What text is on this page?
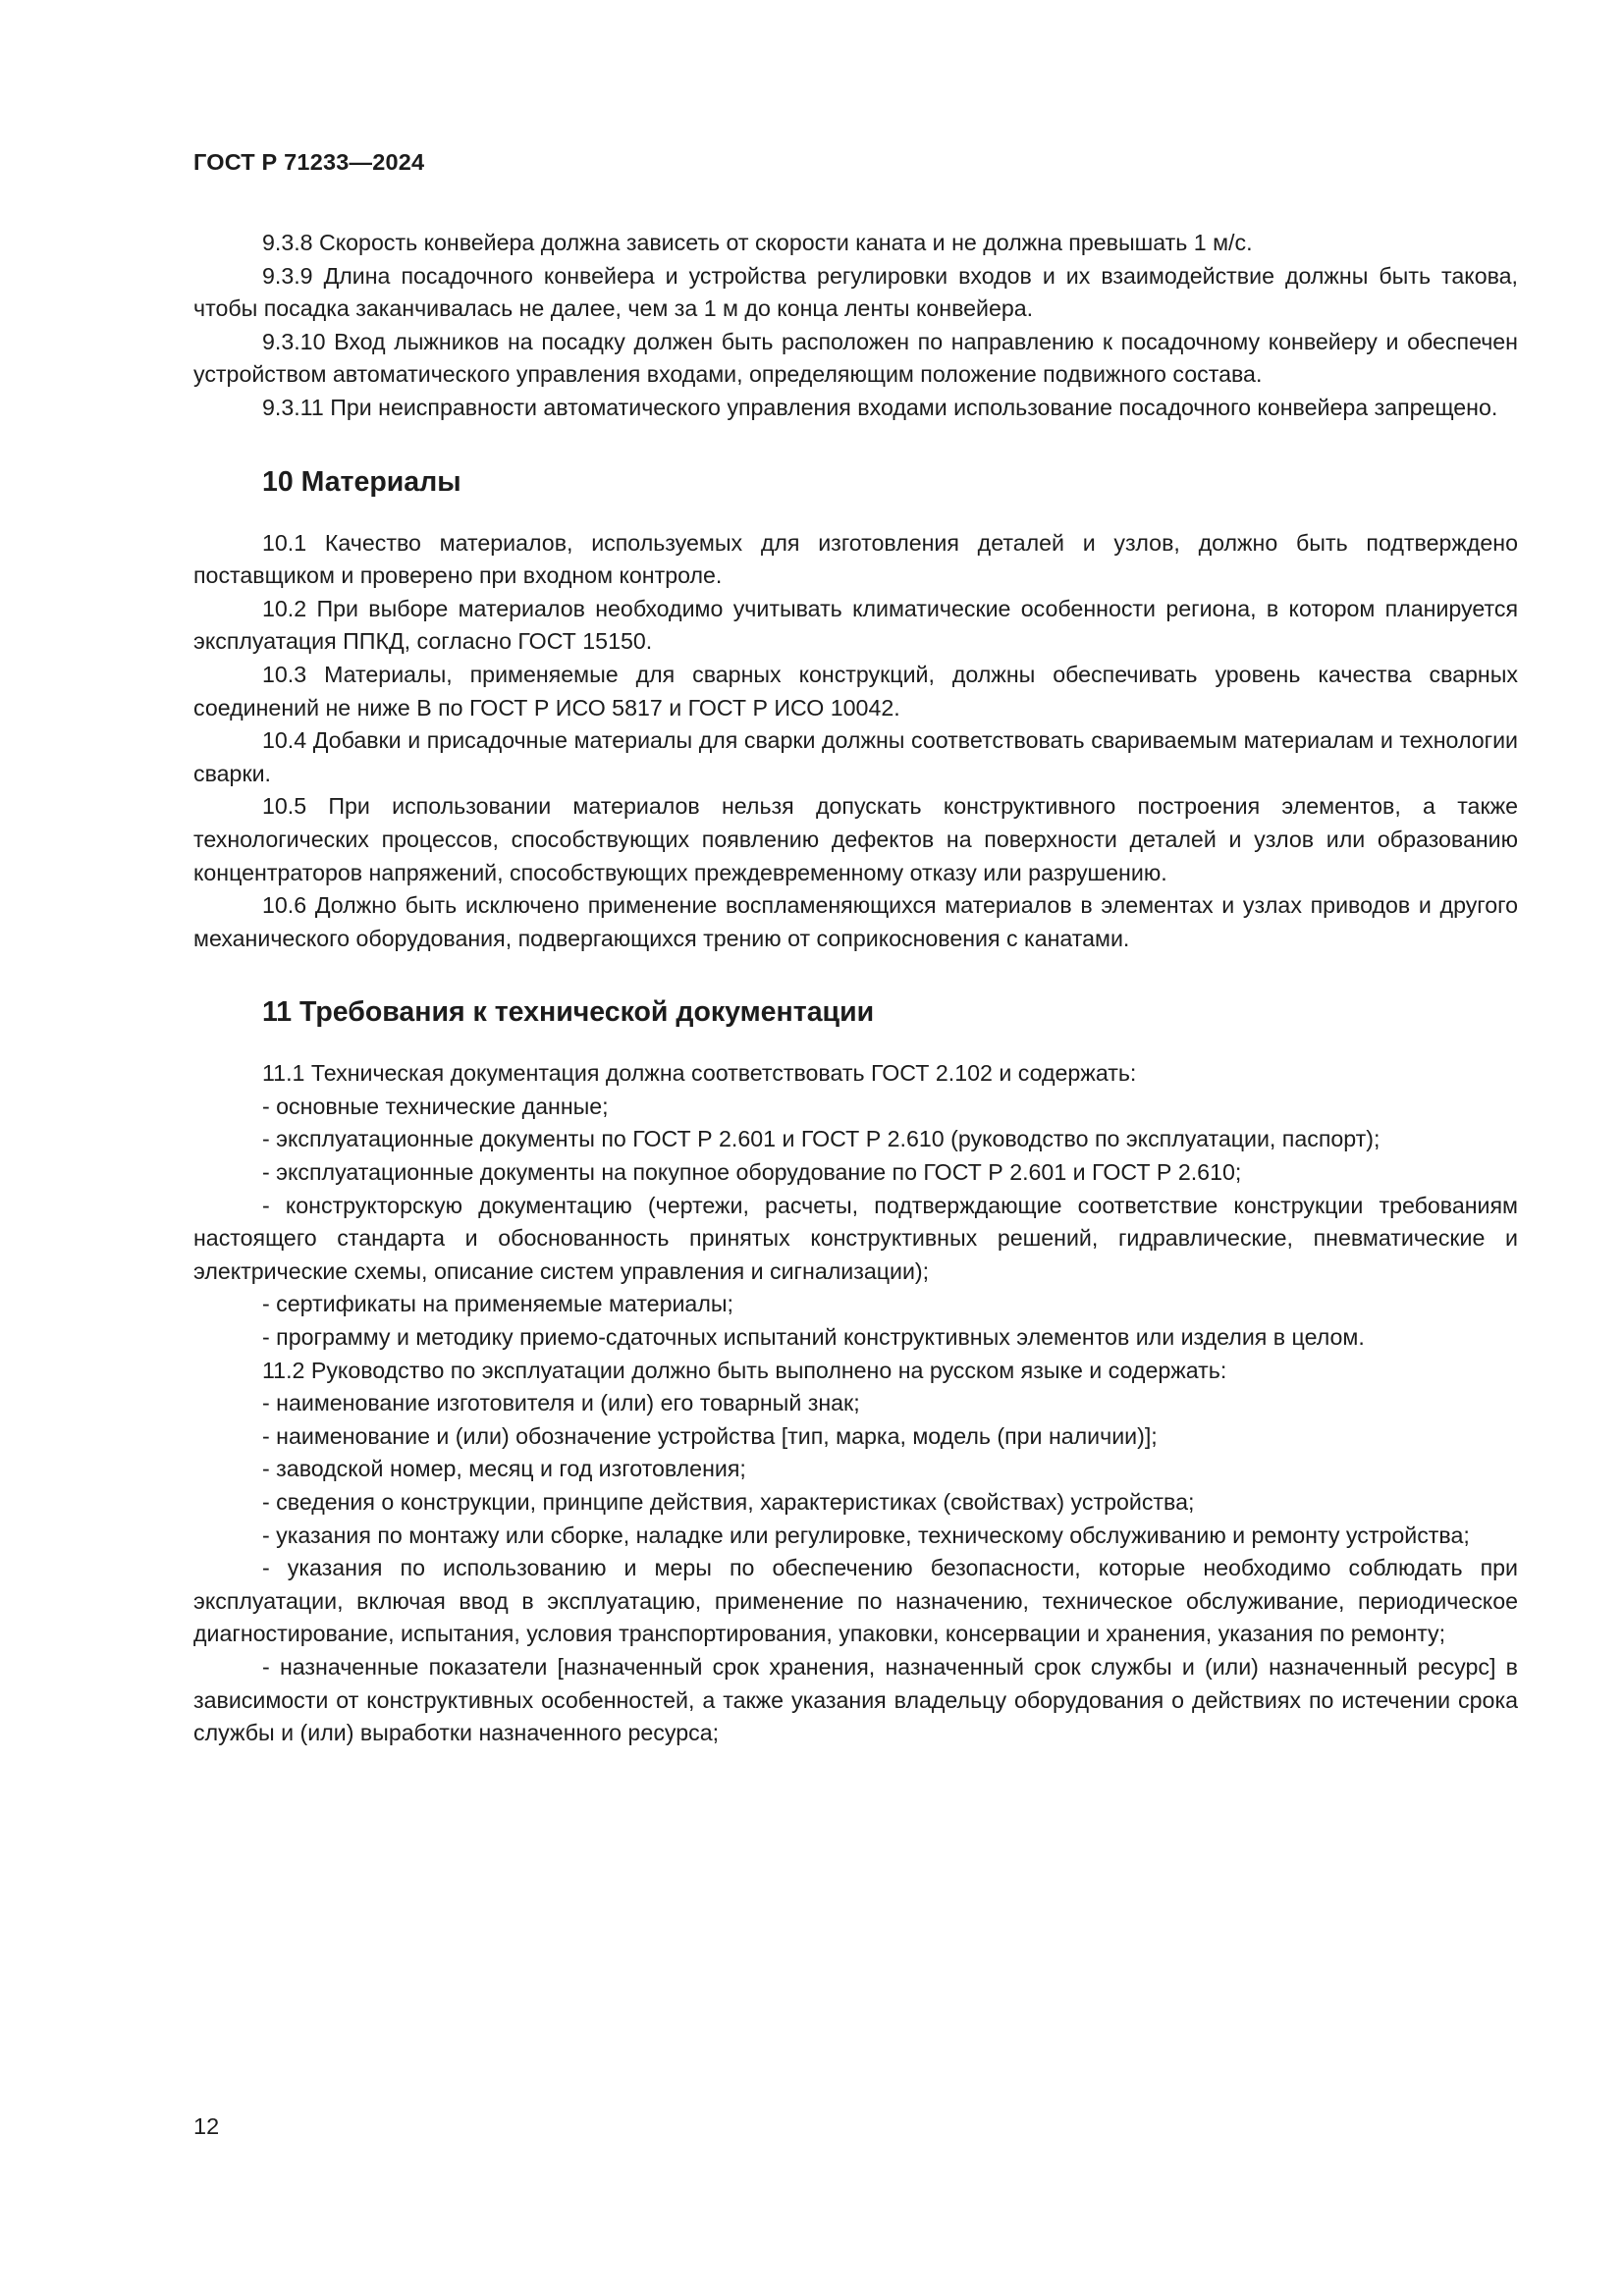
ГОСТ Р 71233—2024

9.3.8 Скорость конвейера должна зависеть от скорости каната и не должна превышать 1 м/с.

9.3.9 Длина посадочного конвейера и устройства регулировки входов и их взаимодействие должны быть такова, чтобы посадка заканчивалась не далее, чем за 1 м до конца ленты конвейера.

9.3.10 Вход лыжников на посадку должен быть расположен по направлению к посадочному конвейеру и обеспечен устройством автоматического управления входами, определяющим положение подвижного состава.

9.3.11 При неисправности автоматического управления входами использование посадочного конвейера запрещено.

10 Материалы

10.1 Качество материалов, используемых для изготовления деталей и узлов, должно быть подтверждено поставщиком и проверено при входном контроле.

10.2 При выборе материалов необходимо учитывать климатические особенности региона, в котором планируется эксплуатация ППКД, согласно ГОСТ 15150.

10.3 Материалы, применяемые для сварных конструкций, должны обеспечивать уровень качества сварных соединений не ниже В по ГОСТ Р ИСО 5817 и ГОСТ Р ИСО 10042.

10.4 Добавки и присадочные материалы для сварки должны соответствовать свариваемым материалам и технологии сварки.

10.5 При использовании материалов нельзя допускать конструктивного построения элементов, а также технологических процессов, способствующих появлению дефектов на поверхности деталей и узлов или образованию концентраторов напряжений, способствующих преждевременному отказу или разрушению.

10.6 Должно быть исключено применение воспламеняющихся материалов в элементах и узлах приводов и другого механического оборудования, подвергающихся трению от соприкосновения с канатами.

11 Требования к технической документации

11.1 Техническая документация должна соответствовать ГОСТ 2.102 и содержать:

- основные технические данные;

- эксплуатационные документы по ГОСТ Р 2.601 и ГОСТ Р 2.610 (руководство по эксплуатации, паспорт);

- эксплуатационные документы на покупное оборудование по ГОСТ Р 2.601 и ГОСТ Р 2.610;

- конструкторскую документацию (чертежи, расчеты, подтверждающие соответствие конструкции требованиям настоящего стандарта и обоснованность принятых конструктивных решений, гидравлические, пневматические и электрические схемы, описание систем управления и сигнализации);

- сертификаты на применяемые материалы;

- программу и методику приемо-сдаточных испытаний конструктивных элементов или изделия в целом.

11.2 Руководство по эксплуатации должно быть выполнено на русском языке и содержать:

- наименование изготовителя и (или) его товарный знак;

- наименование и (или) обозначение устройства [тип, марка, модель (при наличии)];

- заводской номер, месяц и год изготовления;

- сведения о конструкции, принципе действия, характеристиках (свойствах) устройства;

- указания по монтажу или сборке, наладке или регулировке, техническому обслуживанию и ремонту устройства;

- указания по использованию и меры по обеспечению безопасности, которые необходимо соблюдать при эксплуатации, включая ввод в эксплуатацию, применение по назначению, техническое обслуживание, периодическое диагностирование, испытания, условия транспортирования, упаковки, консервации и хранения, указания по ремонту;

- назначенные показатели [назначенный срок хранения, назначенный срок службы и (или) назначенный ресурс] в зависимости от конструктивных особенностей, а также указания владельцу оборудования о действиях по истечении срока службы и (или) выработки назначенного ресурса;

12
